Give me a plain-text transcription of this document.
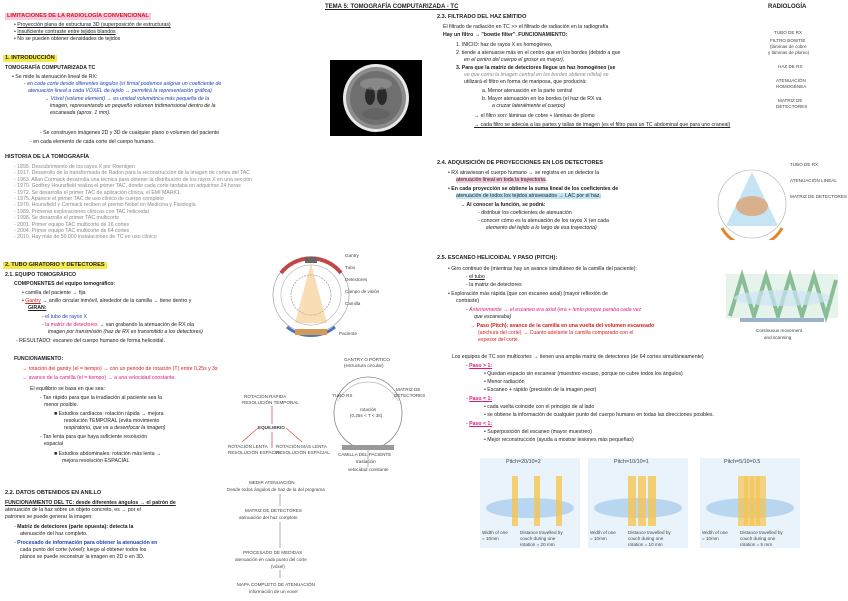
TEMA 5: TOMOGRAFÍA COMPUTARIZADA - TC	RADIOLOGÍA
LIMITACIONES DE LA RADIOLOGÍA CONVENCIONAL
• Proyección plana de estructuras 3D (superposición de estructuras)
• Insuficiente contraste entre tejidos blandos
• No se pueden obtener densidades de tejidos
1. INTRODUCCIÓN
TOMOGRAFÍA COMPUTARIZADA TC
• Se mide la atenuación lineal de RX:
- en cada corte desde diferentes ángulos (sí firmal podemos asignar un coeficiente de
atenuación lineal a cada VÓXEL de tejido → permitirá la representación gráfica)
→ Vóxel (volume element) → es unidad volumétrica más pequeña de la
imagen, representando un pequeño volumen tridimensional dentro de la
escaneada (aprox. 1 mm).
- Se construyen imágenes 2D y 3D de cualquier plano o volumen del paciente
- en cada elemento de cada corte del cuerpo humano.
HISTORIA DE LA TOMOGRAFÍA
- 1895. Descubrimiento de los rayos X por Roentgen
- 1917. Desarrollo de la transformada de Radon para la reconstrucción de la imagen de cortes del TAC
- 1963. Allan Cormack desarrolla una técnica para obtener la distribución de los rayos X en una sección
- 1970. Godfrey Hounsfield realiza el primer TAC, donde cada corte tardaba en adquirirse 24 horas
- 1972. Se desarrolla el primer TAC de aplicación clínica, el EMI MARK1
- 1975. Aparece el primer TAC de uso clínico de cuerpo completo
- 1979. Hounsfield y Cormack reciben el premio Nobel en Medicina y Fisiología
- 1989. Primeras exploraciones clínicas con TAC helicoidal
- 1998. Se desarrolla el primer TAC multicorte
- 2001. Primer equipo TAC multicorte de 16 cortes
- 2004. Primer equipo TAC multicorte de 64 cortes
- 2010. Hay más de 50.000 instalaciones de TC en uso clínico
2. TUBO GIRATORIO Y DETECTORES
2.1. EQUIPO TOMOGRÁFICO
COMPONENTES del equipo tomográfico:
• camilla del paciente → fija
• Gantry → anillo circular inmóvil, alrededor de la camilla → tiene dentro y
GIRAN:
- el tubo de rayos X
- la matriz de detectores → van grabando la atenuación de RX ola
imagen por transmisión (haz de RX es transmitido a los detectores)
- RESULTADO: escaneo del cuerpo humano de forma helicoidal.
Gantry
Tubo
Detectores
Campo de visión
Camilla
Paciente
FUNCIONAMIENTO:
→ rotación del gantry (el = tiempo) → con un periodo de rotación (T) entre 0,25s y 3s
→ avance de la camilla (el = tiempo) → a una velocidad constante.
El equilibrio se basa en que sea:
- Tan rápido para que la irradiación al paciente sea la
menor posible.
■ Estudios cardíacos: rotación rápida → mejora
resolución TEMPORAL (evita movimiento
respiratorio, que va a desenfocar la imagen)
- Tan lenta para que haya suficiente resolución
espacial
■ Estudios abdominales: rotación más lenta →
mejora resolución ESPACIAL
ROTACIÓN RÁPIDA
RESOLUCIÓN TEMPORAL
EQUILIBRIO
ROTACIÓN LENTA
RESOLUCIÓN ESPACIAL
ROTACIÓN MÁS LENTA
RESOLUCIÓN ESPACIAL
GANTRY O PÓRTICO
(estructura circular)
TUBO RX
MATRIZ DE
DETECTORES
rotación
(0,25s < T < 3s)
CAMILLA DEL PACIENTE
traslación
velocidad constante
2.2. DATOS OBTENIDOS EN ANILLO
FUNCIONAMIENTO DEL TC: desde diferentes ángulos → el patrón de
atenuación de la haz sobre un objeto concreto, es → por el
patrones se puede generar la imagen:
- Matriz de detectores (parte opuesta): detecta la
atenuación del haz completo.
- Procesado de información para obtener la atenuación en
cada punto del corte (vóxel): luego al obtener todos los
planos se puede reconstruir la imagen en 2D o en 3D.
MEDIR ATENUACIÓN
Desde todos ángulos de haz de la del programa
MATRIZ DE DETECTORES
atenuación del haz completo
PROCESADO DE MEDIDAS
atenuación en cada punto del corte
(vóxel)
MAPA COMPLETO DE ATENUACIÓN
información de un voxel
2.3. FILTRADO DEL HAZ EMITIDO
El filtrado de radiación en TC >> el filtrado de radiación en la radiografía
Hay un filtro → "bowtie filter". FUNCIONAMIENTO:
1. INICIO: haz de rayos X es homogéneo,
2. tiende a atenuarse más en el centro que en los bordes (debido a que
en el centro del cuerpo el grosor es mayor),
3. Para que la matriz de detectores llegue un haz homogéneo (se
ve que como la imagen central en los bordes obtiene nítida) se
utilizará el filtro en forma de mariposa, que producirá:
a. Menor atenuación en la parte central
b. Mayor atenuación en los bordes (el haz de RX va
a cruzar lateralmente el cuerpo)
→ el filtro son: láminas de cobre + láminas de plomo
→ cada filtro se adecúa a las partes y tallas de imagen (es el filtro para un TC abdominal que para uno craneal)
TUBO DE RX
FILTRO BOWTIE
(láminas de cobre
y láminas de plomo)
HAZ DE RX
ATENUACIÓN
HOMOGÉNEA
MATRIZ DE
DETECTORES
2.4. ADQUISICIÓN DE PROYECCIONES EN LOS DETECTORES
• RX atraviesan el cuerpo humano → se registra en un detector la
atenuación lineal en toda la trayectoria.
• En cada proyección se obtiene la suma lineal de los coeficientes de
atenuación de todos los tejidos atravesados → LAC por el haz.
→ Al conocer la función, se podrá:
- distribuir los coeficientes de atenuación
- conocer cómo es la atenuación de los rayos X (en cada
elemento del tejido a lo largo de esa trayectoria)
TUBO DE RX
ATENUACIÓN LINEAL
MATRIZ DE DETECTORES
2.5. ESCANEO HELICOIDAL Y PASO (PITCH):
• Giro continuo de (mientras hay un avance simultáneo de la camilla del paciente):
- el tubo
- la matriz de detectores
• Exploración más rápida (que con escaneo axial) (mayor reflexión de
contraste)
- Anteriormente → el escaneo era axial (era + lento porque paraba cada vez
que escaneaba)
→ Paso (Pitch): avance de la camilla en una vuelta del volumen escaneado
(anchura del corte) → Cuanto adelante la camilla comparado con el
espesor del corte.
Continuous movement
and scanning
Los equipos de TC son multicortes → tienen una amplia matriz de detectores (de 64 cortes simultáneamente)
- Paso > 1:
• Quedan espacio sin escanear (muestreo escaso, porque no cubre todos los ángulos)
• Menor radiación
• Escaneo + rápido (precisión de la imagen peor)
- Paso = 1:
• cada vuelta coincide con el principio de al lado
• se obtiene la información de cualquier punto del cuerpo humano en todas las direcciones posibles.
- Paso < 1:
• Superposición del escaneo (mayor muestreo)
• Mejor reconstrucción (ayuda a mostrar lesiones más pequeñas)
Pitch=20/10=2
Width of one
= 10mm
Distance travelled by
couch during one
rotation = 20 mm
Pitch=10/10=1
Width of one
= 10mm
Distance travelled by
couch during one
rotation = 10 mm
Pitch=5/10=0.5
Width of one
= 10mm
Distance travelled by
couch during one
rotation = 5 mm
